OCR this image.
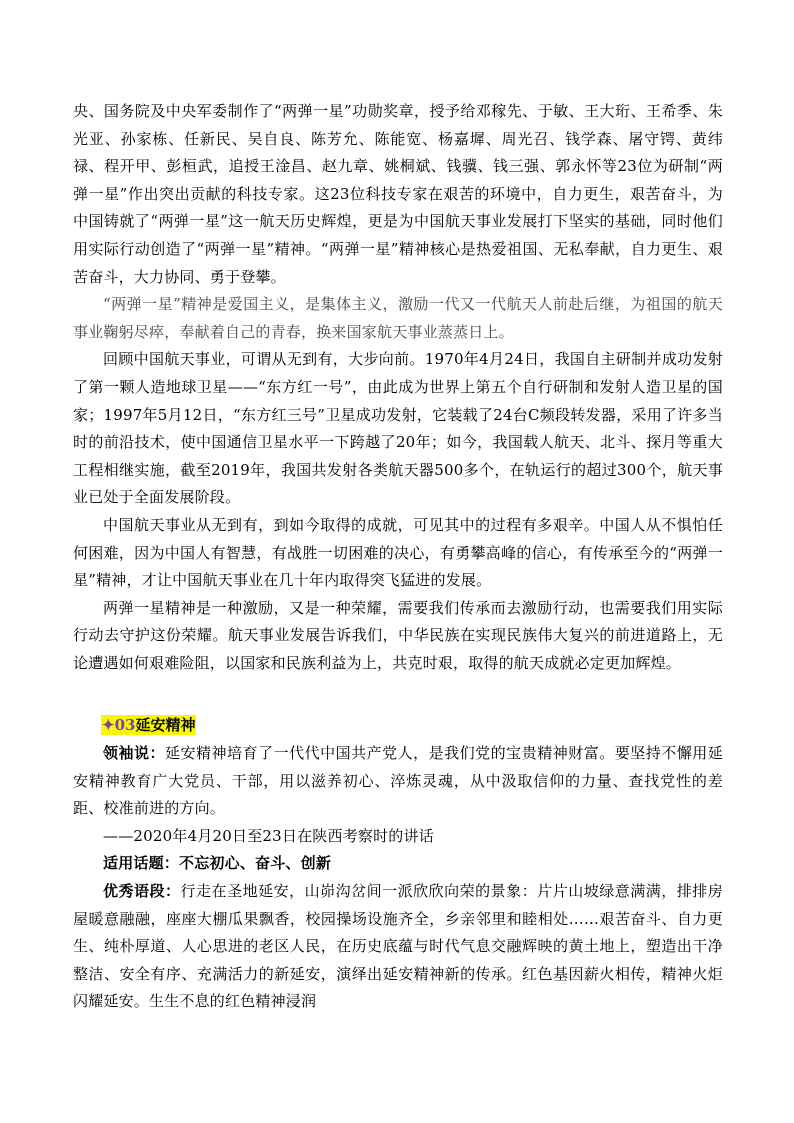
央、国务院及中央军委制作了“两弹一星”功勋奖章，授予给邓稼先、于敏、王大珩、王希季、朱光亚、孙家栋、任新民、吴自良、陈芳允、陈能宽、杨嘉墀、周光召、钱学森、屠守锷、黄纬禄、程开甲、彭桓武，追授王淦昌、赵九章、姚桐斌、钱骥、钱三强、郭永怀等23位为研制“两弹一星”作出突出贡献的科技专家。这23位科技专家在艰苦的环境中，自力更生，艰苦奋斗，为中国铸就了“两弹一星”这一航天历史辉煌，更是为中国航天事业发展打下坚实的基础，同时他们用实际行动创造了“两弹一星”精神。“两弹一星”精神核心是热爱祖国、无私奉献，自力更生、艰苦奋斗，大力协同、勇于登攀。

“两弹一星”精神是爱国主义，是集体主义，激励一代又一代航天人前赴后继，为祖国的航天事业鞠躬尽瘁，奉献着自己的青春，换来国家航天事业蒸蒸日上。

回顾中国航天事业，可谓从无到有，大步向前。1970年4月24日，我国自主研制并成功发射了第一颗人造地球卫星——“东方红一号”，由此成为世界上第五个自行研制和发射人造卫星的国家；1997年5月12日，“东方红三号”卫星成功发射，它装载了24台C频段转发器，采用了许多当时的前沿技术，使中国通信卫星水平一下跨越了20年；如今，我国载人航天、北斗、探月等重大工程相继实施，截至2019年，我国共发射各类航天器500多个，在轨运行的超过300个，航天事业已处于全面发展阶段。

中国航天事业从无到有，到如今取得的成就，可见其中的过程有多艰辛。中国人从不惧怕任何困难，因为中国人有智慧，有战胜一切困难的决心，有勇攀高峰的信心，有传承至今的“两弹一星”精神，才让中国航天事业在几十年内取得突飞猛进的发展。

两弹一星精神是一种激励，又是一种荣耀，需要我们传承而去激励行动，也需要我们用实际行动去守护这份荣耀。航天事业发展告诉我们，中华民族在实现民族伟大复兴的前进道路上，无论遭遇如何艰难险阻，以国家和民族利益为上，共克时艰，取得的航天成就必定更加辉煌。

✦03延安精神

领袖说：延安精神培育了一代代中国共产党人，是我们党的宝贵精神财富。要坚持不懈用延安精神教育广大党员、干部，用以滋养初心、淬炼灵魂，从中汲取信仰的力量、查找党性的差距、校准前进的方向。

——2020年4月20日至23日在陕西考察时的讲话

适用话题：不忘初心、奋斗、创新

优秀语段：行走在圣地延安，山峁沟岔间一派欣欣向荣的景象：片片山坡绿意满满，排排房屋暖意融融，座座大棚瓜果飘香，校园操场设施齐全，乡亲邻里和睦相处……艰苦奋斗、自力更生、纯朴厚道、人心思进的老区人民，在历史底蕴与时代气息交融辉映的黄土地上，塑造出干净整洁、安全有序、充满活力的新延安，演绎出延安精神新的传承。红色基因薪火相传，精神火炬闪耀延安。生生不息的红色精神浸润
